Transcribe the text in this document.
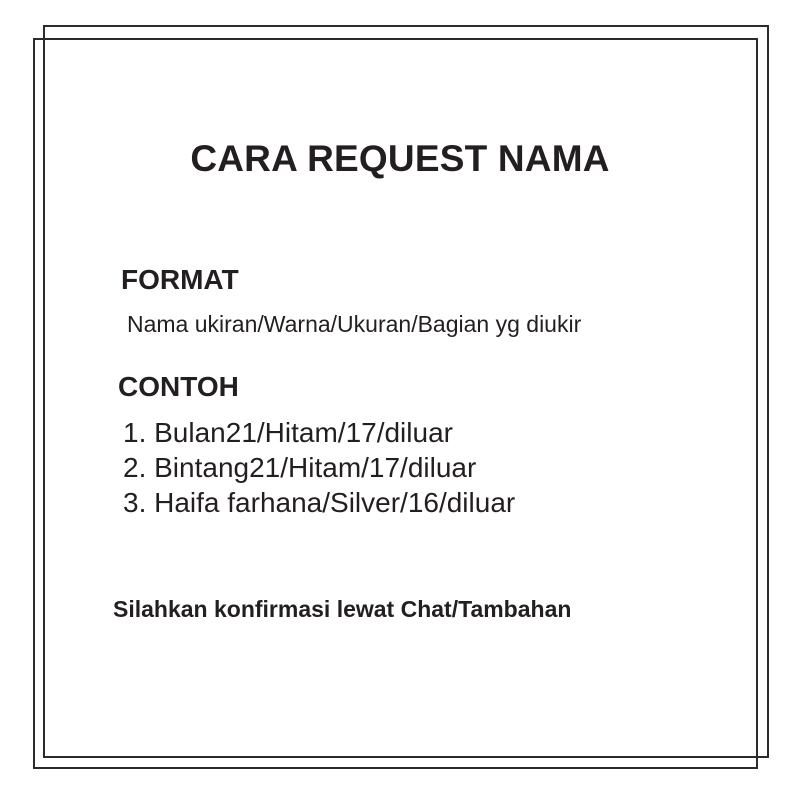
CARA REQUEST NAMA
FORMAT
Nama ukiran/Warna/Ukuran/Bagian yg diukir
CONTOH
1. Bulan21/Hitam/17/diluar
2. Bintang21/Hitam/17/diluar
3. Haifa farhana/Silver/16/diluar
Silahkan konfirmasi lewat Chat/Tambahan
